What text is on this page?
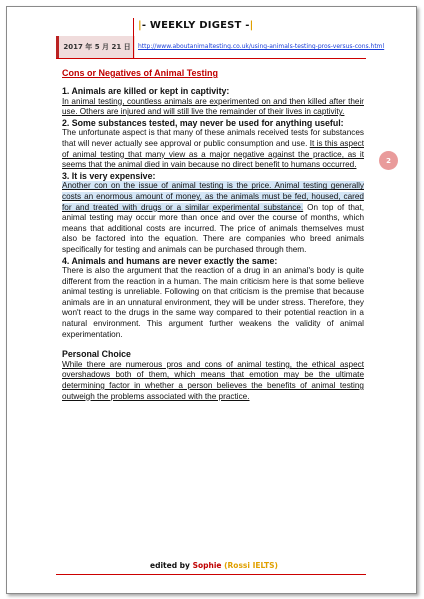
2017 年 5 月 21 日
|- WEEKLY DIGEST -|
http://www.aboutanimaltesting.co.uk/using-animals-testing-pros-versus-cons.html
2
Cons or Negatives of Animal Testing

1. Animals are killed or kept in captivity:

In animal testing, countless animals are experimented on and then killed after their use. Others are injured and will still live the remainder of their lives in captivity.

2. Some substances tested, may never be used for anything useful:

The unfortunate aspect is that many of these animals received tests for substances that will never actually see approval or public consumption and use. It is this aspect of animal testing that many view as a major negative against the practice, as it seems that the animal died in vain because no direct benefit to humans occurred.

3. It is very expensive:

Another con on the issue of animal testing is the price. Animal testing generally costs an enormous amount of money, as the animals must be fed, housed, cared for and treated with drugs or a similar experimental substance. On top of that, animal testing may occur more than once and over the course of months, which means that additional costs are incurred. The price of animals themselves must also be factored into the equation. There are companies who breed animals specifically for testing and animals can be purchased through them.

4. Animals and humans are never exactly the same:

There is also the argument that the reaction of a drug in an animal's body is quite different from the reaction in a human. The main criticism here is that some believe animal testing is unreliable. Following on that criticism is the premise that because animals are in an unnatural environment, they will be under stress. Therefore, they won't react to the drugs in the same way compared to their potential reaction in a natural environment. This argument further weakens the validity of animal experimentation.

Personal Choice

While there are numerous pros and cons of animal testing, the ethical aspect overshadows both of them, which means that emotion may be the ultimate determining factor in whether a person believes the benefits of animal testing outweigh the problems associated with the practice.

edited by Sophie (Rossi IELTS)
